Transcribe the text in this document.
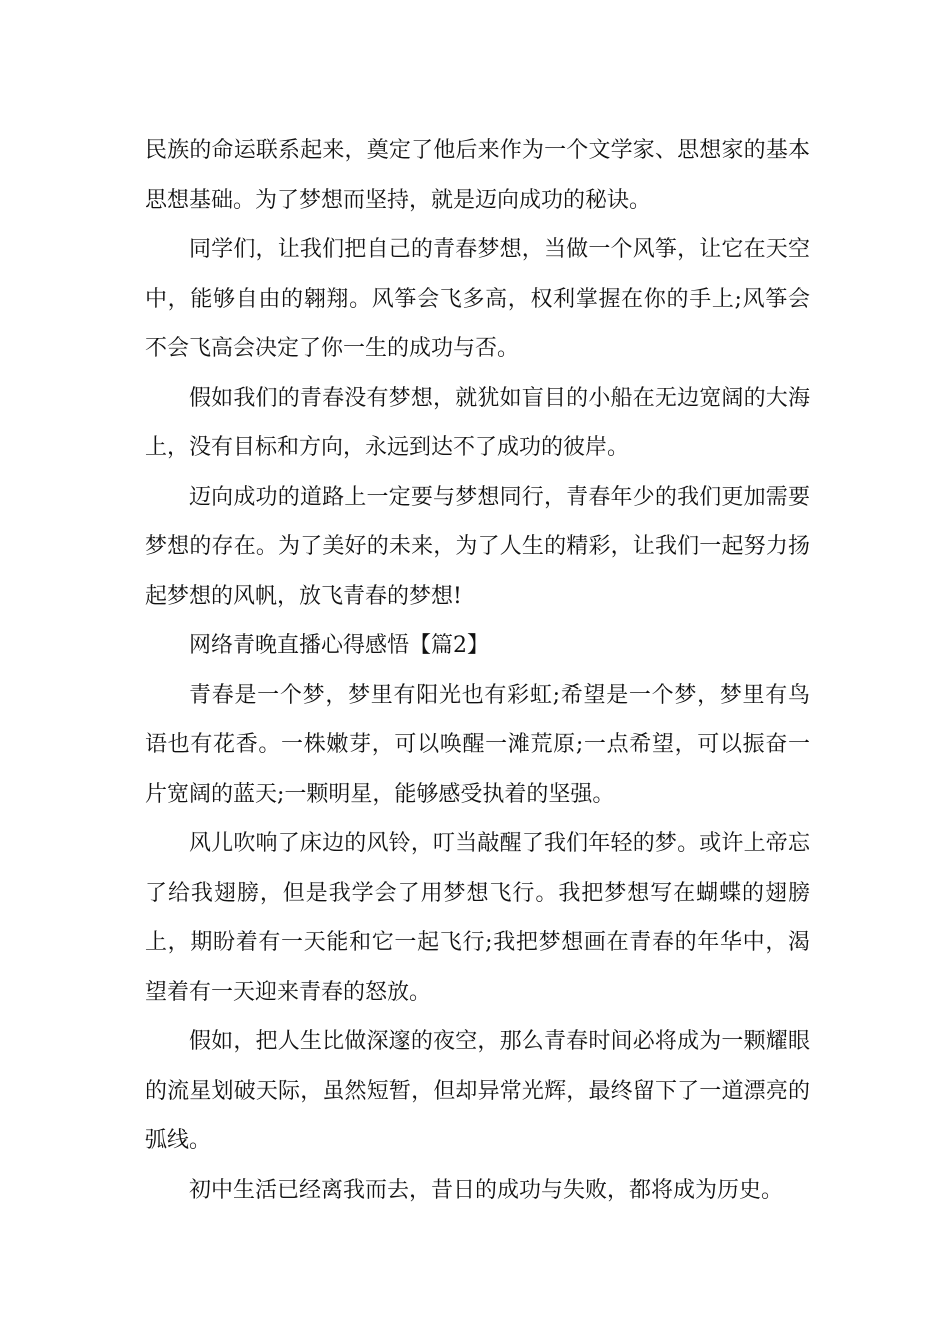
民族的命运联系起来，奠定了他后来作为一个文学家、思想家的基本思想基础。为了梦想而坚持，就是迈向成功的秘诀。

同学们，让我们把自己的青春梦想，当做一个风筝，让它在天空中，能够自由的翱翔。风筝会飞多高，权利掌握在你的手上;风筝会不会飞高会决定了你一生的成功与否。

假如我们的青春没有梦想，就犹如盲目的小船在无边宽阔的大海上，没有目标和方向，永远到达不了成功的彼岸。

迈向成功的道路上一定要与梦想同行，青春年少的我们更加需要梦想的存在。为了美好的未来，为了人生的精彩，让我们一起努力扬起梦想的风帆，放飞青春的梦想!

网络青晚直播心得感悟【篇2】

青春是一个梦，梦里有阳光也有彩虹;希望是一个梦，梦里有鸟语也有花香。一株嫩芽，可以唤醒一滩荒原;一点希望，可以振奋一片宽阔的蓝天;一颗明星，能够感受执着的坚强。

风儿吹响了床边的风铃，叮当敲醒了我们年轻的梦。或许上帝忘了给我翅膀，但是我学会了用梦想飞行。我把梦想写在蝴蝶的翅膀上，期盼着有一天能和它一起飞行;我把梦想画在青春的年华中，渴望着有一天迎来青春的怒放。

假如，把人生比做深邃的夜空，那么青春时间必将成为一颗耀眼的流星划破天际，虽然短暂，但却异常光辉，最终留下了一道漂亮的弧线。

初中生活已经离我而去，昔日的成功与失败，都将成为历史。
